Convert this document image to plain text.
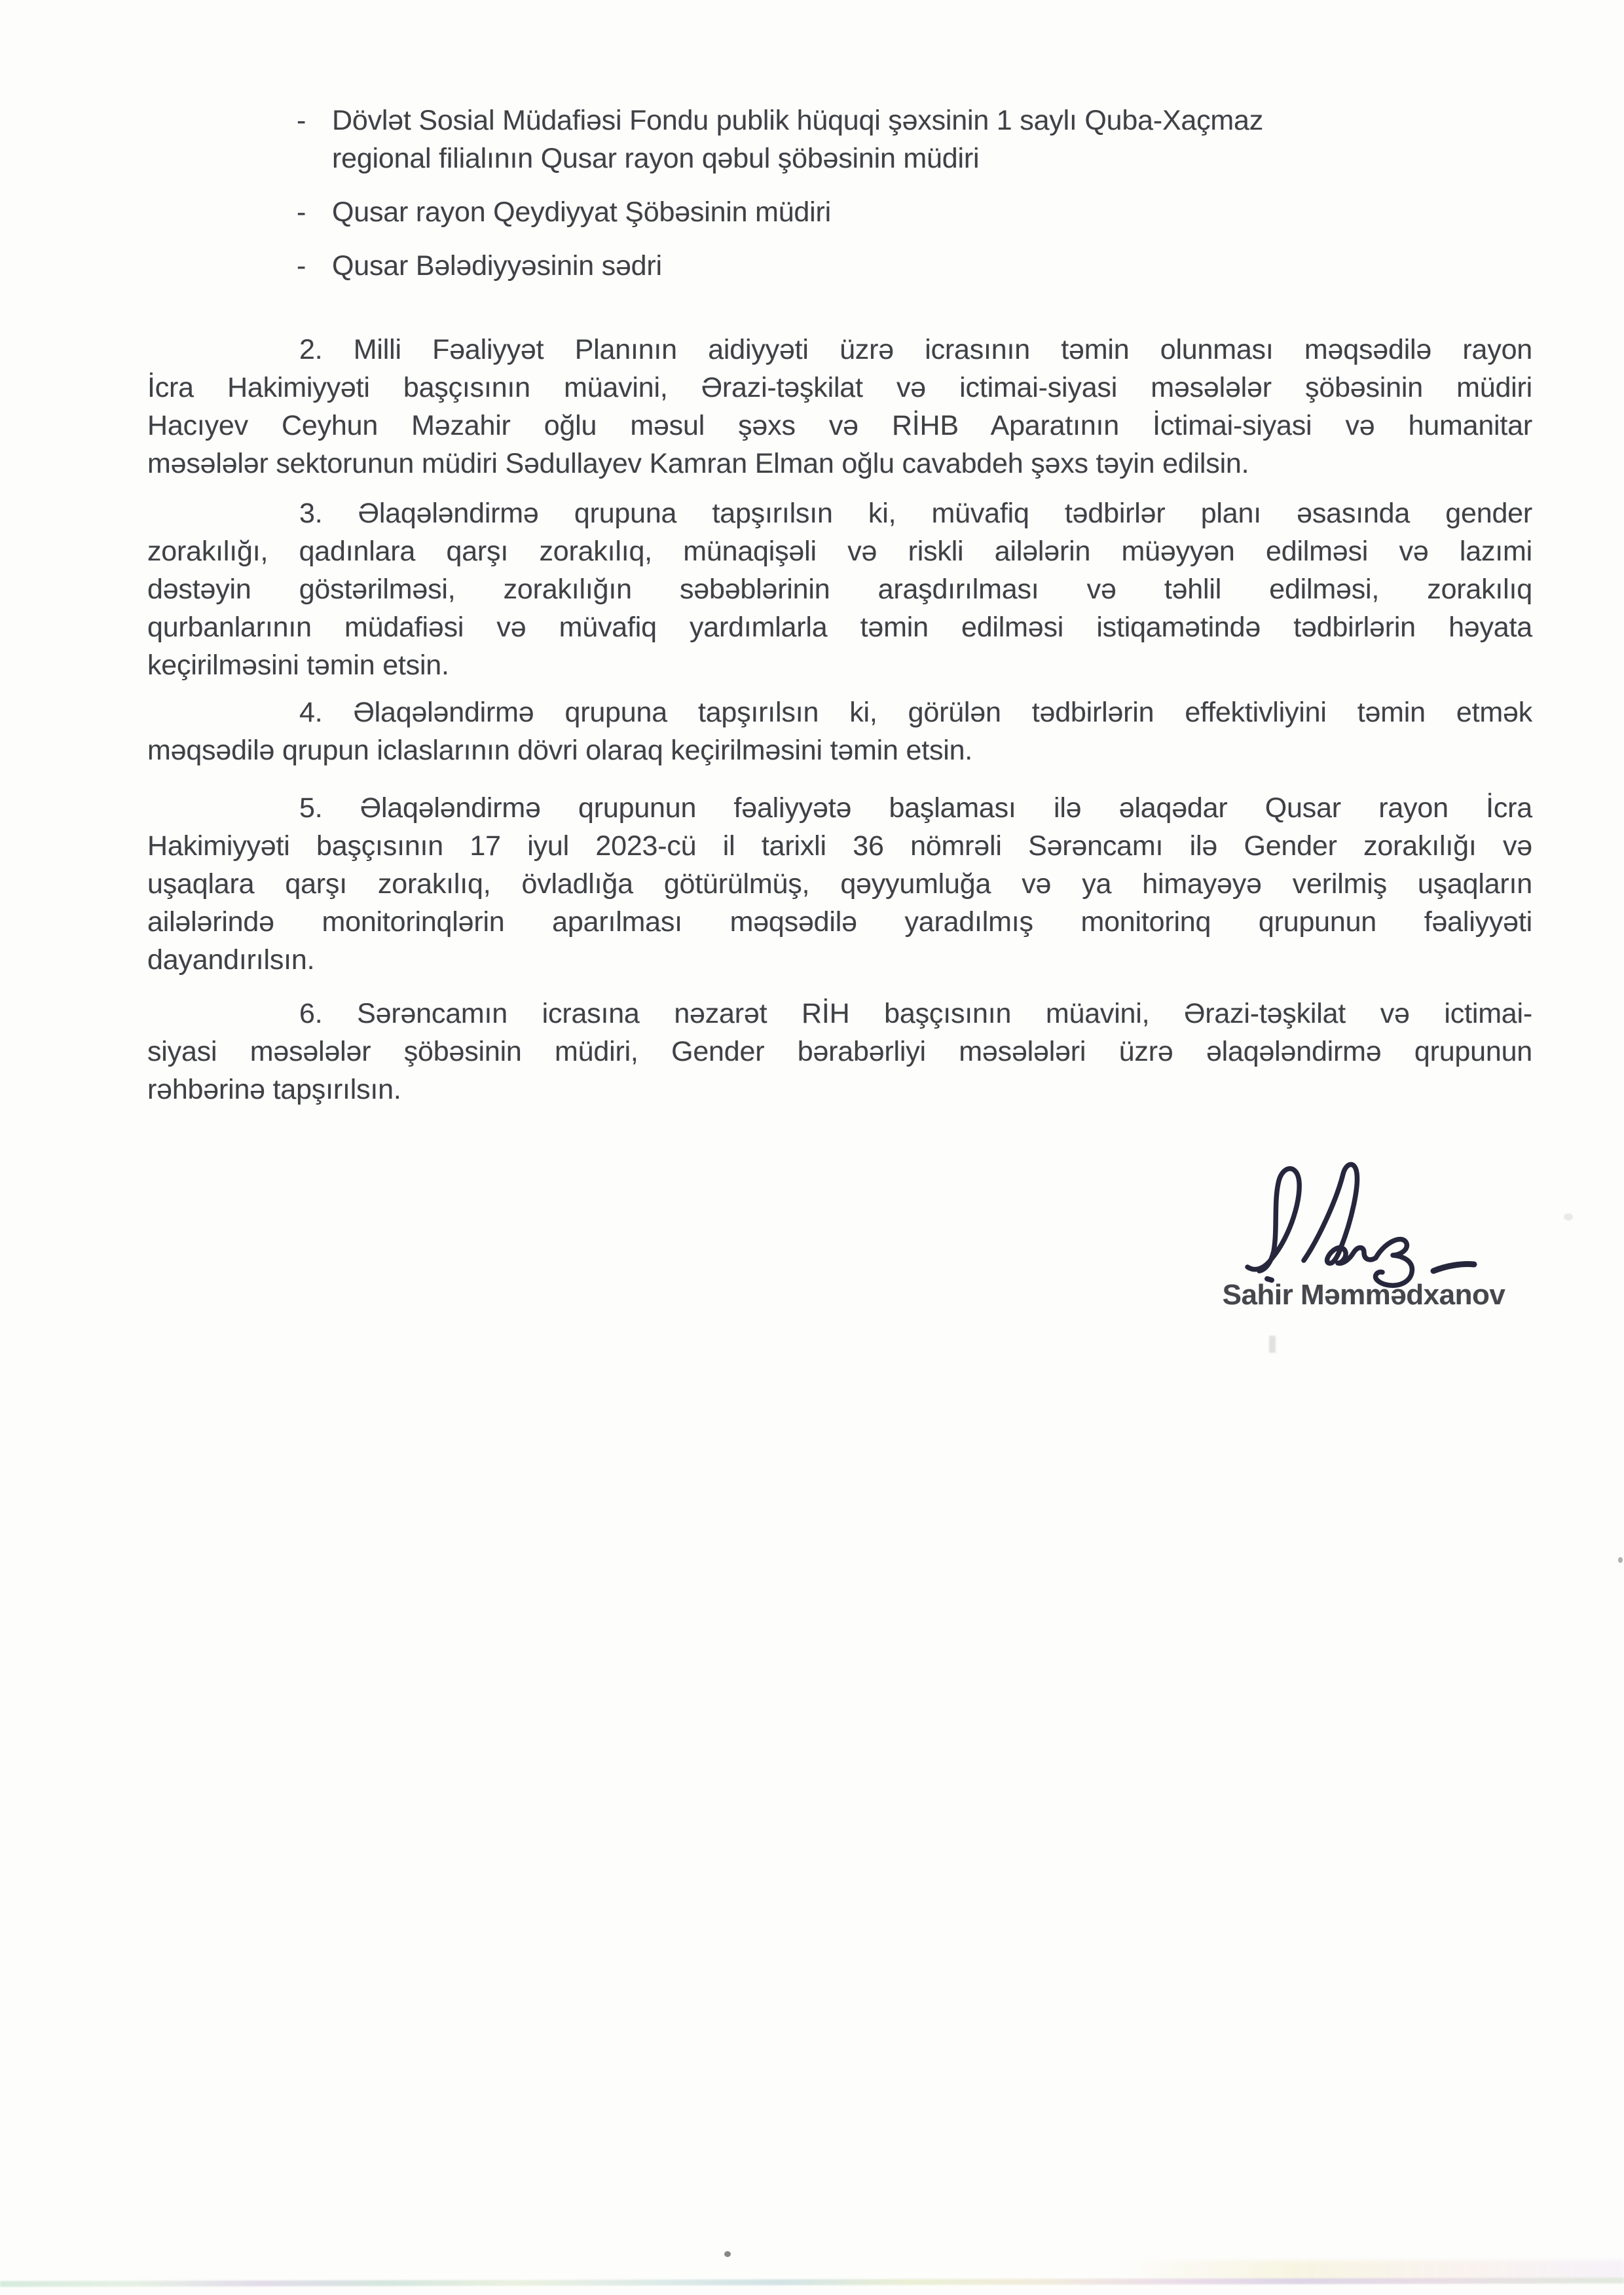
- Dövlət Sosial Müdafiəsi Fondu publik hüquqi şəxsinin 1 saylı Quba-Xaçmaz
regional filialının Qusar rayon qəbul şöbəsinin müdiri
- Qusar rayon Qeydiyyat Şöbəsinin müdiri
- Qusar Bələdiyyəsinin sədri
2. Milli Fəaliyyət Planının aidiyyəti üzrə icrasının təmin olunması məqsədilə rayon
İcra Hakimiyyəti başçısının müavini, Ərazi-təşkilat və ictimai-siyasi məsələlər şöbəsinin müdiri
Hacıyev Ceyhun Məzahir oğlu məsul şəxs və RİHB Aparatının İctimai-siyasi və humanitar
məsələlər sektorunun müdiri Sədullayev Kamran Elman oğlu cavabdeh şəxs təyin edilsin.
3. Əlaqələndirmə qrupuna tapşırılsın ki, müvafiq tədbirlər planı əsasında gender
zorakılığı, qadınlara qarşı zorakılıq, münaqişəli və riskli ailələrin müəyyən edilməsi və lazımi
dəstəyin göstərilməsi, zorakılığın səbəblərinin araşdırılması və təhlil edilməsi, zorakılıq
qurbanlarının müdafiəsi və müvafiq yardımlarla təmin edilməsi istiqamətində tədbirlərin həyata
keçirilməsini təmin etsin.
4. Əlaqələndirmə qrupuna tapşırılsın ki, görülən tədbirlərin effektivliyini təmin etmək
məqsədilə qrupun iclaslarının dövri olaraq keçirilməsini təmin etsin.
5. Əlaqələndirmə qrupunun fəaliyyətə başlaması ilə əlaqədar Qusar rayon İcra
Hakimiyyəti başçısının 17 iyul 2023-cü il tarixli 36 nömrəli Sərəncamı ilə Gender zorakılığı və
uşaqlara qarşı zorakılıq, övladlığa götürülmüş, qəyyumluğa və ya himayəyə verilmiş uşaqların
ailələrində monitorinqlərin aparılması məqsədilə yaradılmış monitorinq qrupunun fəaliyyəti
dayandırılsın.
6. Sərəncamın icrasına nəzarət RİH başçısının müavini, Ərazi-təşkilat və ictimai-
siyasi məsələlər şöbəsinin müdiri, Gender bərabərliyi məsələləri üzrə əlaqələndirmə qrupunun
rəhbərinə tapşırılsın.
Sahir Məmmədxanov
